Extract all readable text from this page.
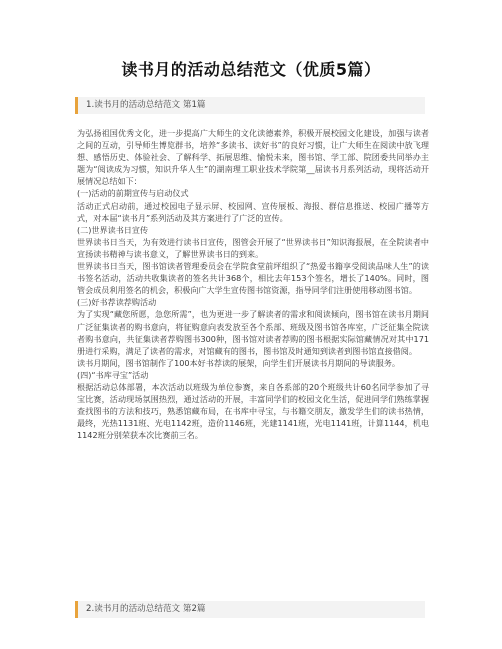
读书月的活动总结范文（优质5篇）
1.读书月的活动总结范文 第1篇

为弘扬祖国优秀文化，进一步提高广大师生的文化读德素养，积极开展校园文化建设，加强与读者之间的互动，引导师生博览群书，培养“多读书、读好书”的良好习惯，让广大师生在阅读中放飞理想、感悟历史、体验社会、了解科学、拓展思维、愉悦未来，图书馆、学工部、院团委共同举办主题为“阅读成为习惯，知识升华人生”的湖南理工职业技术学院第__届读书月系列活动，现将活动开展情况总结如下：

(一)活动的前期宣传与启动仪式

活动正式启动前，通过校园电子显示屏、校园网、宣传展板、海报、群信息推送、校园广播等方式，对本届“读书月”系列活动及其方案进行了广泛的宣传。

(二)世界读书日宣传

世界读书日当天，为有效进行读书日宣传，图管会开展了“世界读书日”知识海报展，在全院读者中宣扬读书精神与读书意义，了解世界读书日的到来。

世界读书日当天，图书馆读者管理委员会在学院食堂前坪组织了“热爱书籍享受阅读品味人生”的读书签名活动，活动共收集读者的签名共计368个，相比去年153个签名，增长了140%。同时，图管会成员利用签名的机会，积极向广大学生宣传图书馆资源，指导同学们注册使用移动图书馆。

(三)好书荐读荐购活动

为了实现“藏您所愿，急您所需”，也为更进一步了解读者的需求和阅读倾向，图书馆在读书月期间广泛征集读者的购书意向，将征购意向表发放至各个系部、班级及图书馆各库室，广泛征集全院读者购书意向，共征集读者荐购图书300种，图书馆对读者荐购的图书根据实际馆藏情况对其中171册进行采购，满足了读者的需求，对馆藏有的图书，图书馆及时通知到读者到图书馆直接借阅。

读书月期间，图书馆制作了100本好书荐读的展架，向学生们开展读书月期间的导读服务。

(四)“书库寻宝”活动

根据活动总体部署，本次活动以班级为单位参赛，来自各系部的20个班级共计60名同学参加了寻宝比赛，活动现场氛围热烈，通过活动的开展，丰富同学们的校园文化生活，促进同学们熟练掌握查找图书的方法和技巧，熟悉馆藏布局，在书库中寻宝，与书籍交朋友，激发学生们的读书热情，最终，光热1131班、光电1142班，造价1146班，光建1141班，光电1141班，计算1144，机电1142班分别荣获本次比赛前三名。

2.读书月的活动总结范文 第2篇
